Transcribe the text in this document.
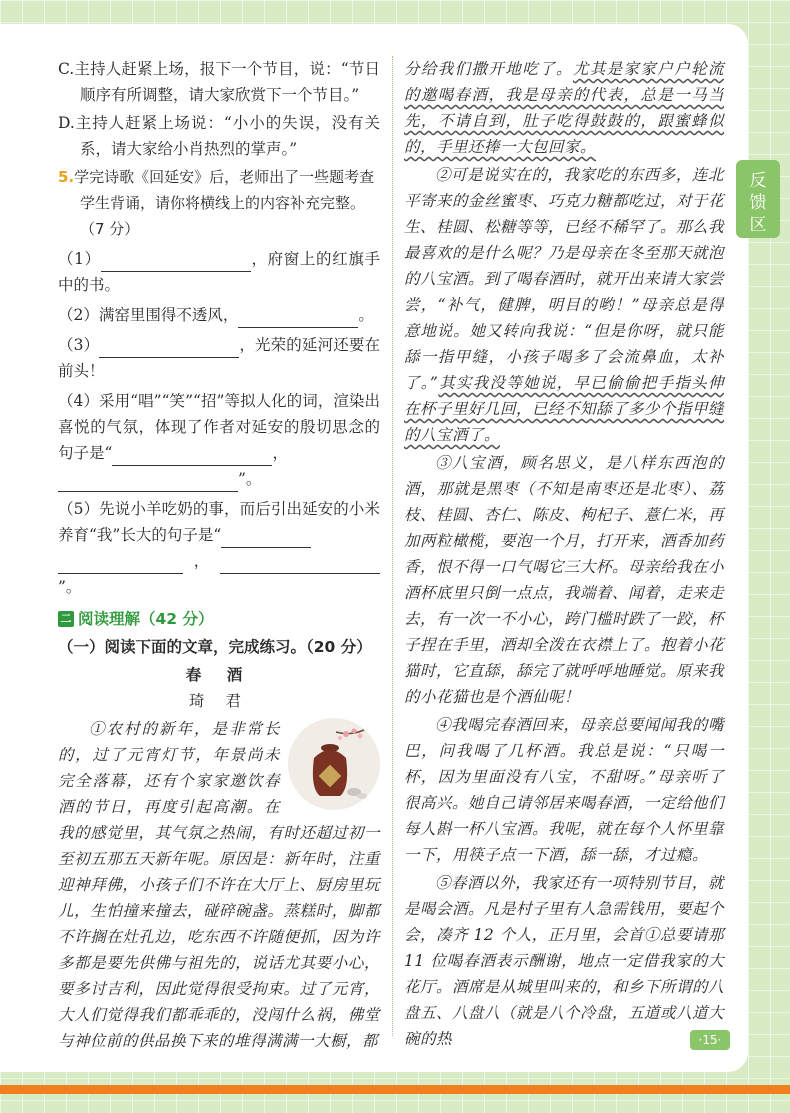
C.主持人赶紧上场，报下一个节目，说：“节日顺序有所调整，请大家欣赏下一个节目。”

D.主持人赶紧上场说：“小小的失误，没有关系，请大家给小肖热烈的掌声。”

5.学完诗歌《回延安》后，老师出了一些题考查学生背诵，请你将横线上的内容补充完整。（7 分）

（1）	，府窗上的红旗手中的书。

（2）满窑里围得不透风，	。

（3）	，光荣的延河还要在前头！

（4）采用“唱”“笑”“招”等拟人化的词，渲染出喜悦的气氛，体现了作者对延安的殷切思念的句子是“	，
”。

（5）先说小羊吃奶的事，而后引出延安的小米养育“我”长大的句子是“
，”。

二 阅读理解（42 分）
（一）阅读下面的文章，完成练习。（20 分）
春 酒
琦 君

①农村的新年，是非常长的，过了元宵灯节，年景尚未完全落幕，还有个家家邀饮春酒的节日，再度引起高潮。在我的感觉里，其气氛之热闹，有时还超过初一至初五那五天新年呢。原因是：新年时，注重迎神拜佛，小孩子们不许在大厅上、厨房里玩儿，生怕撞来撞去，碰碎碗盏。蒸糕时，脚都不许搁在灶孔边，吃东西不许随便抓，因为许多都是要先供佛与祖先的，说话尤其要小心，要多讨吉利，因此觉得很受拘束。过了元宵，大人们觉得我们都乖乖的，没闯什么祸，佛堂与神位前的供品换下来的堆得满满一大橱，都

分给我们撒开地吃了。尤其是家家户户轮流的邀喝春酒，我是母亲的代表，总是一马当先，不请自到，肚子吃得鼓鼓的，跟蜜蜂似的，手里还捧一大包回家。

②可是说实在的，我家吃的东西多，连北平寄来的金丝蜜枣、巧克力糖都吃过，对于花生、桂圆、松糖等等，已经不稀罕了。那么我最喜欢的是什么呢？乃是母亲在冬至那天就泡的八宝酒。到了喝春酒时，就开出来请大家尝尝，“补气，健脾，明目的哟！”母亲总是得意地说。她又转向我说：“但是你呀，就只能舔一指甲缝，小孩子喝多了会流鼻血，太补了。”其实我没等她说，早已偷偷把手指头伸在杯子里好几回，已经不知舔了多少个指甲缝的八宝酒了。

③八宝酒，顾名思义，是八样东西泡的酒，那就是黑枣（不知是南枣还是北枣）、荔枝、桂圆、杏仁、陈皮、枸杞子、薏仁米，再加两粒橄榄，要泡一个月，打开来，酒香加药香，恨不得一口气喝它三大杯。母亲给我在小酒杯底里只倒一点点，我端着、闻着，走来走去，有一次一不小心，跨门槛时跌了一跤，杯子捏在手里，酒却全泼在衣襟上了。抱着小花猫时，它直舔，舔完了就呼呼地睡觉。原来我的小花猫也是个酒仙呢！

④我喝完春酒回来，母亲总要闻闻我的嘴巴，问我喝了几杯酒。我总是说：“只喝一杯，因为里面没有八宝，不甜呀。”母亲听了很高兴。她自己请邻居来喝春酒，一定给他们每人斟一杯八宝酒。我呢，就在每个人怀里靠一下，用筷子点一下酒，舔一舔，才过瘾。

⑤春酒以外，我家还有一项特别节目，就是喝会酒。凡是村子里有人急需钱用，要起个会，凑齐 12 个人，正月里，会首①总要请那 11 位喝春酒表示酬谢，地点一定借我家的大花厅。酒席是从城里叫来的，和乡下所谓的八盘五、八盘八（就是八个冷盘，五道或八道大碗的热

反馈区
·15·
